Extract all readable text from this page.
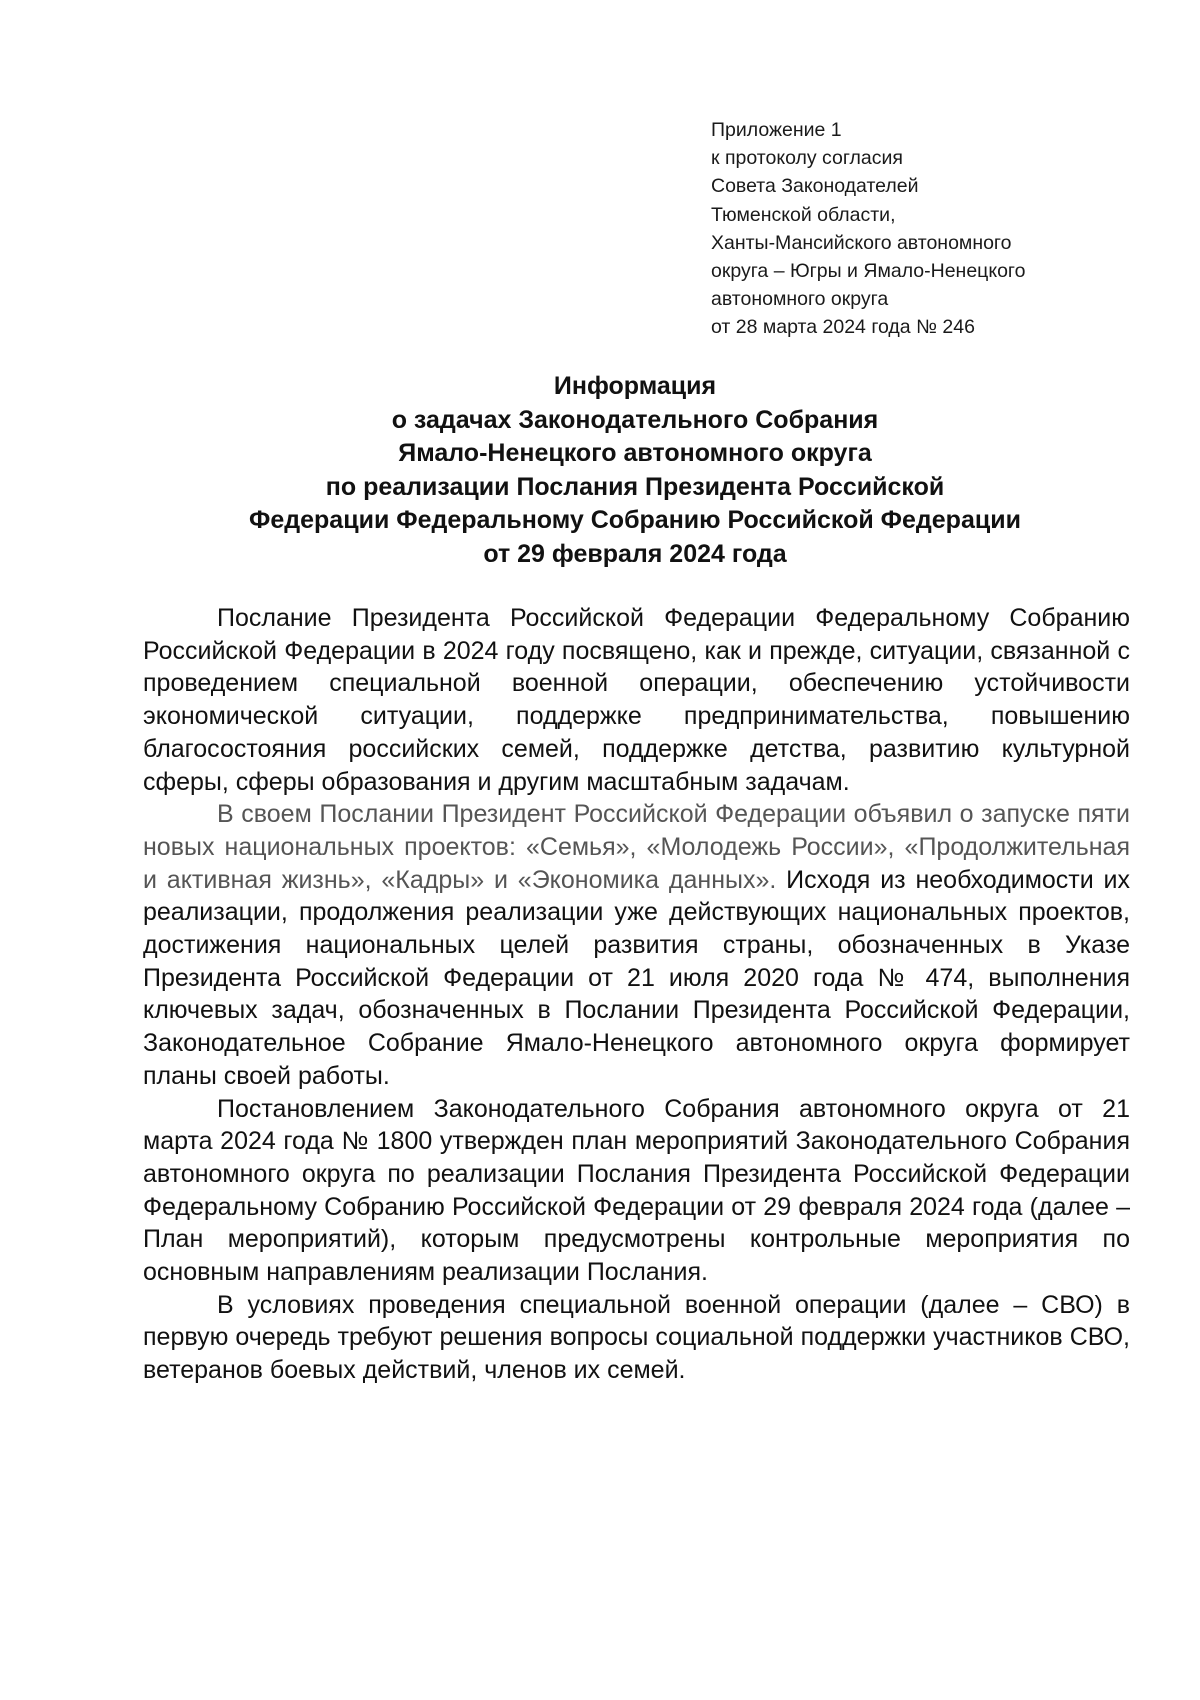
Приложение 1
к протоколу согласия
Совета Законодателей
Тюменской области,
Ханты-Мансийского автономного
округа – Югры и Ямало-Ненецкого
автономного округа
от 28 марта 2024 года № 246
Информация
о задачах Законодательного Собрания
Ямало-Ненецкого автономного округа
по реализации Послания Президента Российской
Федерации Федеральному Собранию Российской Федерации
от 29 февраля 2024 года

Послание Президента Российской Федерации Федеральному Собранию Российской Федерации в 2024 году посвящено, как и прежде, ситуации, связанной с проведением специальной военной операции, обеспечению устойчивости экономической ситуации, поддержке предпринимательства, повышению благосостояния российских семей, поддержке детства, развитию культурной сферы, сферы образования и другим масштабным задачам.

В своем Послании Президент Российской Федерации объявил о запуске пяти новых национальных проектов: «Семья», «Молодежь России», «Продолжительная и активная жизнь», «Кадры» и «Экономика данных». Исходя из необходимости их реализации, продолжения реализации уже действующих национальных проектов, достижения национальных целей развития страны, обозначенных в Указе Президента Российской Федерации от 21 июля 2020 года № 474, выполнения ключевых задач, обозначенных в Послании Президента Российской Федерации, Законодательное Собрание Ямало-Ненецкого автономного округа формирует планы своей работы.

Постановлением Законодательного Собрания автономного округа от 21 марта 2024 года № 1800 утвержден план мероприятий Законодательного Собрания автономного округа по реализации Послания Президента Российской Федерации Федеральному Собранию Российской Федерации от 29 февраля 2024 года (далее – План мероприятий), которым предусмотрены контрольные мероприятия по основным направлениям реализации Послания.

В условиях проведения специальной военной операции (далее – СВО) в первую очередь требуют решения вопросы социальной поддержки участников СВО, ветеранов боевых действий, членов их семей.
